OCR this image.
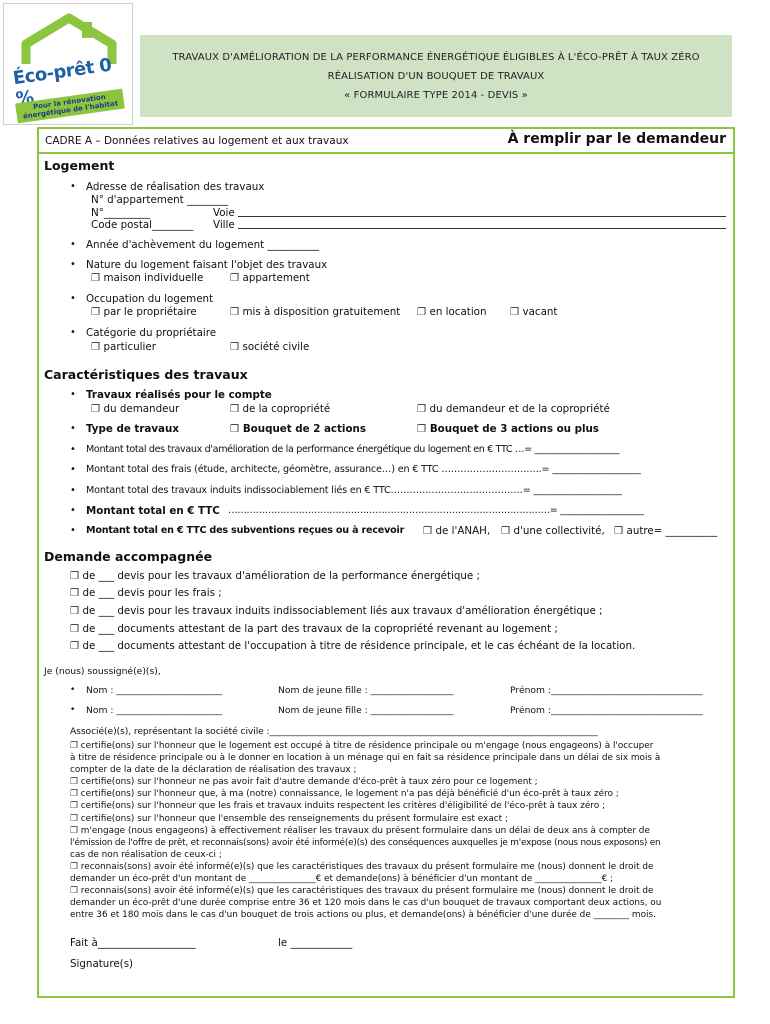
Éco-prêt 0 %
Pour la rénovation énergétique de l'habitat
TRAVAUX D'AMÉLIORATION DE LA PERFORMANCE ÉNERGÉTIQUE ÉLIGIBLES À L'ÉCO-PRÊT À TAUX ZÉRO
RÉALISATION D'UN BOUQUET DE TRAVAUX
« FORMULAIRE TYPE 2014 - DEVIS »
CADRE A – Données relatives au logement et aux travaux	À remplir par le demandeur
Logement
• Adresse de réalisation des travaux
N° d'appartement ________
N°_________	Voie
Code postal________ Ville
• Année d'achèvement du logement __________
• Nature du logement faisant l'objet des travaux
❐ maison individuelle	❐ appartement
• Occupation du logement
❐ par le propriétaire	❐ mis à disposition gratuitement ❐ en location ❐ vacant
• Catégorie du propriétaire
❐ particulier	❐ société civile
Caractéristiques des travaux
• Travaux réalisés pour le compte
❐ du demandeur	❐ de la copropriété	❐ du demandeur et de la copropriété
• Type de travaux	❐ Bouquet de 2 actions	❐ Bouquet de 3 actions ou plus
• Montant total des travaux d'amélioration de la performance énergétique du logement en € TTC …= ___________________
• Montant total des frais (étude, architecte, géomètre, assurance…) en € TTC …………………………..= ___________________
• Montant total des travaux induits indissociablement liés en € TTC……………………………………= ___________________
• Montant total en € TTC ……………………………………………………………………………………………= ___________________
• Montant total en € TTC des subventions reçues ou à recevoir ❐ de l'ANAH, ❐ d'une collectivité, ❐ autre= __________
Demande accompagnée
❐ de ___ devis pour les travaux d'amélioration de la performance énergétique ;
❐ de ___ devis pour les frais ;
❐ de ___ devis pour les travaux induits indissociablement liés aux travaux d'amélioration énergétique ;
❐ de ___ documents attestant de la part des travaux de la copropriété revenant au logement ;
❐ de ___ documents attestant de l'occupation à titre de résidence principale, et le cas échéant de la location.
Je (nous) soussigné(e)(s),
• Nom : _______________________	Nom de jeune fille : __________________	Prénom :_________________________________
• Nom : _______________________	Nom de jeune fille : __________________	Prénom :_________________________________
Associé(e)(s), représentant la société civile :_________________________________________________________________________
❐ certifie(ons) sur l'honneur que le logement est occupé à titre de résidence principale ou m'engage (nous engageons) à l'occuper
à titre de résidence principale ou à le donner en location à un ménage qui en fait sa résidence principale dans un délai de six mois à
compter de la date de la déclaration de réalisation des travaux ;
❐ certifie(ons) sur l'honneur ne pas avoir fait d'autre demande d'éco-prêt à taux zéro pour ce logement ;
❐ certifie(ons) sur l'honneur que, à ma (notre) connaissance, le logement n'a pas déjà bénéficié d'un éco-prêt à taux zéro ;
❐ certifie(ons) sur l'honneur que les frais et travaux induits respectent les critères d'éligibilité de l'éco-prêt à taux zéro ;
❐ certifie(ons) sur l'honneur que l'ensemble des renseignements du présent formulaire est exact ;
❐ m'engage (nous engageons) à effectivement réaliser les travaux du présent formulaire dans un délai de deux ans à compter de
l'émission de l'offre de prêt, et reconnais(sons) avoir été informé(e)(s) des conséquences auxquelles je m'expose (nous nous exposons) en
cas de non réalisation de ceux-ci ;
❐ reconnais(sons) avoir été informé(e)(s) que les caractéristiques des travaux du présent formulaire me (nous) donnent le droit de
demander un éco-prêt d'un montant de _______________€ et demande(ons) à bénéficier d'un montant de _______________€ ;
❐ reconnais(sons) avoir été informé(e)(s) que les caractéristiques des travaux du présent formulaire me (nous) donnent le droit de
demander un éco-prêt d'une durée comprise entre 36 et 120 mois dans le cas d'un bouquet de travaux comportant deux actions, ou
entre 36 et 180 mois dans le cas d'un bouquet de trois actions ou plus, et demande(ons) à bénéficier d'une durée de ________ mois.
Fait à___________________	le ____________
Signature(s)
